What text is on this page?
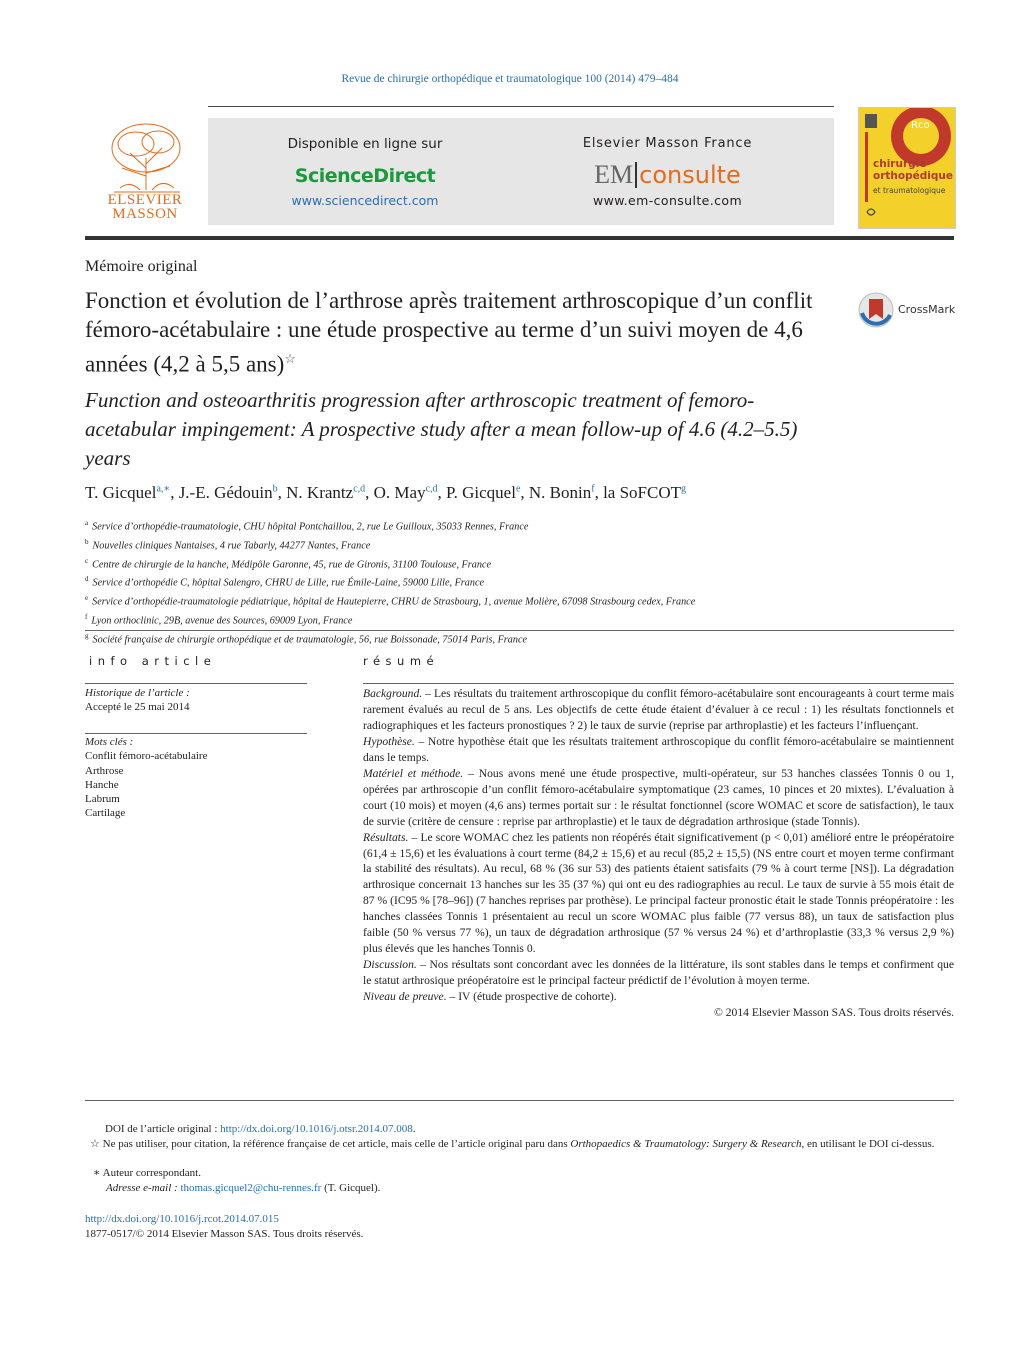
Revue de chirurgie orthopédique et traumatologique 100 (2014) 479–484
ELSEVIER
MASSON
Disponible en ligne sur
ScienceDirect
www.sciencedirect.com
Elsevier Masson France
EM consulte
www.em-consulte.com
Rco
chirurgie orthopédique
et traumatologique
Mémoire original
Fonction et évolution de l’arthrose après traitement arthroscopique d’un conflit fémoro-acétabulaire : une étude prospective au terme d’un suivi moyen de 4,6 années (4,2 à 5,5 ans)☆
CrossMark
Function and osteoarthritis progression after arthroscopic treatment of femoro-acetabular impingement: A prospective study after a mean follow-up of 4.6 (4.2–5.5) years
T. Gicquel$^{a,∗}$, J.-E. Gédouin$^b$, N. Krantz$^{c,d}$, O. May$^{c,d}$, P. Gicquel$^e$, N. Bonin$^f$, la SoFCOT$^g$
$^a$ Service d’orthopédie-traumatologie, CHU hôpital Pontchaillou, 2, rue Le Guilloux, 35033 Rennes, France
$^b$ Nouvelles cliniques Nantaises, 4 rue Tabarly, 44277 Nantes, France
$^c$ Centre de chirurgie de la hanche, Médipôle Garonne, 45, rue de Gironis, 31100 Toulouse, France
$^d$ Service d’orthopédie C, hôpital Salengro, CHRU de Lille, rue Émile-Laine, 59000 Lille, France
$^e$ Service d’orthopédie-traumatologie pédiatrique, hôpital de Hautepierre, CHRU de Strasbourg, 1, avenue Molière, 67098 Strasbourg cedex, France
$^f$ Lyon orthoclinic, 29B, avenue des Sources, 69009 Lyon, France
$^g$ Société française de chirurgie orthopédique et de traumatologie, 56, rue Boissonade, 75014 Paris, France
info article	résumé
Historique de l’article :
Accepté le 25 mai 2014
Mots clés :
Conflit fémoro-acétabulaire
Arthrose
Hanche
Labrum
Cartilage

Background. – Les résultats du traitement arthroscopique du conflit fémoro-acétabulaire sont encourageants à court terme mais rarement évalués au recul de 5 ans. Les objectifs de cette étude étaient d’évaluer à ce recul : 1) les résultats fonctionnels et radiographiques et les facteurs pronostiques ? 2) le taux de survie (reprise par arthroplastie) et les facteurs l’influençant.

Hypothèse. – Notre hypothèse était que les résultats traitement arthroscopique du conflit fémoro-acétabulaire se maintiennent dans le temps.

Matériel et méthode. – Nous avons mené une étude prospective, multi-opérateur, sur 53 hanches classées Tonnis 0 ou 1, opérées par arthroscopie d’un conflit fémoro-acétabulaire symptomatique (23 cames, 10 pinces et 20 mixtes). L’évaluation à court (10 mois) et moyen (4,6 ans) termes portait sur : le résultat fonctionnel (score WOMAC et score de satisfaction), le taux de survie (critère de censure : reprise par arthroplastie) et le taux de dégradation arthrosique (stade Tonnis).

Résultats. – Le score WOMAC chez les patients non réopérés était significativement (p < 0,01) amélioré entre le préopératoire (61,4 ± 15,6) et les évaluations à court terme (84,2 ± 15,6) et au recul (85,2 ± 15,5) (NS entre court et moyen terme confirmant la stabilité des résultats). Au recul, 68 % (36 sur 53) des patients étaient satisfaits (79 % à court terme [NS]). La dégradation arthrosique concernait 13 hanches sur les 35 (37 %) qui ont eu des radiographies au recul. Le taux de survie à 55 mois était de 87 % (IC95 % [78–96]) (7 hanches reprises par prothèse). Le principal facteur pronostic était le stade Tonnis préopératoire : les hanches classées Tonnis 1 présentaient au recul un score WOMAC plus faible (77 versus 88), un taux de satisfaction plus faible (50 % versus 77 %), un taux de dégradation arthrosique (57 % versus 24 %) et d’arthroplastie (33,3 % versus 2,9 %) plus élevés que les hanches Tonnis 0.

Discussion. – Nos résultats sont concordant avec les données de la littérature, ils sont stables dans le temps et confirment que le statut arthrosique préopératoire est le principal facteur prédictif de l’évolution à moyen terme.

Niveau de preuve. – IV (étude prospective de cohorte).

© 2014 Elsevier Masson SAS. Tous droits réservés.

DOI de l’article original : http://dx.doi.org/10.1016/j.otsr.2014.07.008.
☆ Ne pas utiliser, pour citation, la référence française de cet article, mais celle de l’article original paru dans Orthopaedics & Traumatology: Surgery & Research, en utilisant le DOI ci-dessus.
∗ Auteur correspondant.
Adresse e-mail : thomas.gicquel2@chu-rennes.fr (T. Gicquel).
http://dx.doi.org/10.1016/j.rcot.2014.07.015
1877-0517/© 2014 Elsevier Masson SAS. Tous droits réservés.
